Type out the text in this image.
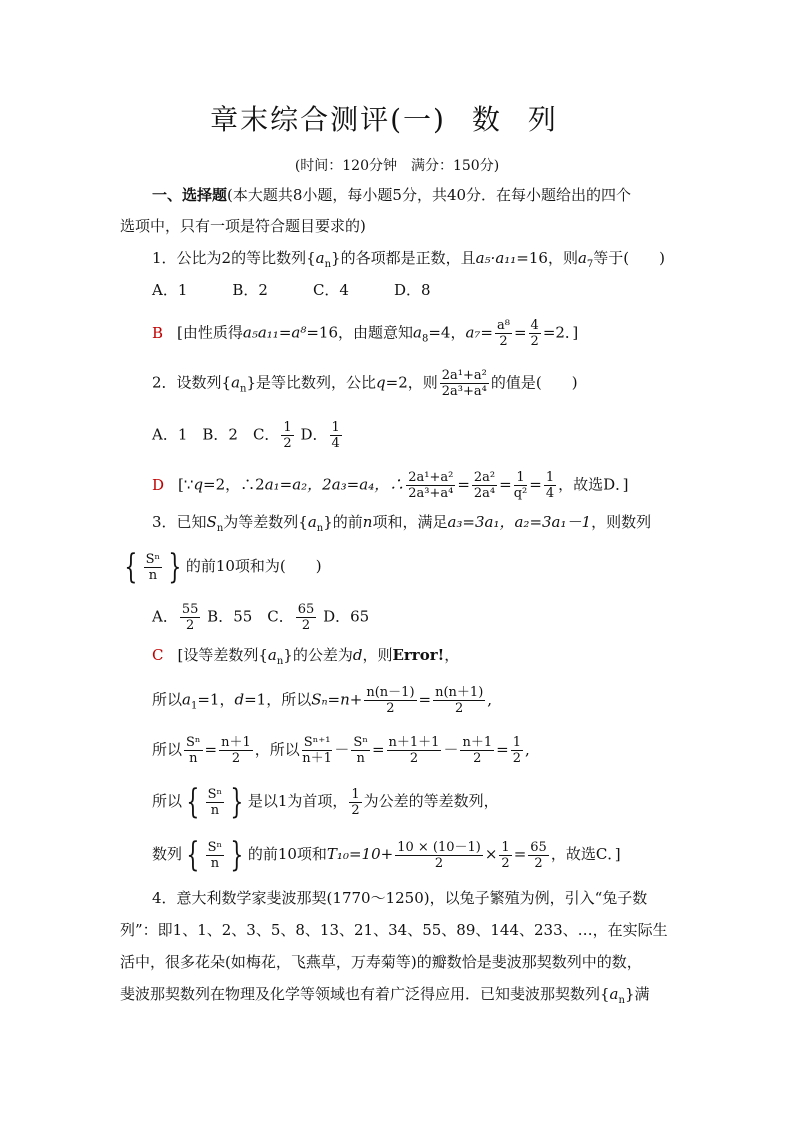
章末综合测评(一) 数列
(时间：120分钟　满分：150分)
一、选择题(本大题共8小题，每小题5分，共40分．在每小题给出的四个
选项中，只有一项是符合题目要求的)
1．公比为2的等比数列$\{a_n\}$的各项都是正数，且a₅·a₁₁=16，则$a_7$等于(　　)
A．1　　　B．2　　　C．4　　　D．8
B [由性质得a₅a₁₁=a⁸=16，由题意知$a_8=4$，$a_7= \frac{\text{a⁸}}{2} = \frac{4}{2} =2$．]
2．设数列$\{a_n\}$是等比数列，公比q=2，则 $\frac{\text{2a¹+a²}}{\text{2a³+a⁴}}$ 的值是(　　)
A．1　B．2　C． $\frac{1}{2}$ D． $\frac{1}{4}$
D [∵q=2，∴2a₁=a₂，2a₃=a₄，∴ $\frac{\text{2a¹+a²}}{\text{2a³+a⁴}} = \frac{\text{2a²}}{\text{2a⁴}} = \frac{1}{\text{q²}} = \frac{1}{4}$ ，故选D．]
3．已知$S_n$为等差数列$\{a_n\}$的前n项和，满足a₃=3a₁，a₂=3a₁－1，则数列
{ $\frac{\text{Sⁿ}}{n}$ } 的前10项和为(　　)
A． $\frac{55}{2}$ B．55　C． $\frac{65}{2}$ D．65
C [设等差数列$\{a_n\}$的公差为d，则Error!，
所以$a_1=1$，d=1，所以$S_n=n+ \frac{n(n-1)}{2} = \frac{n(n+1)}{2}$ ,
所以 $\frac{\text{Sⁿ}}{n} = \frac{n+1}{2}$ ，所以 $\frac{\text{Sⁿ⁺¹}}{n+1} - \frac{\text{Sⁿ}}{n} = \frac{n+1+1}{2} - \frac{n+1}{2} = \frac{1}{2}$ ,
所以 { $\frac{\text{Sⁿ}}{n}$ } 是以1为首项， $\frac{1}{2}$ 为公差的等差数列，
数列 { $\frac{\text{Sⁿ}}{n}$ } 的前10项和$T_{10}=10+ \frac{10 \times (10-1)}{2} \times \frac{1}{2} = \frac{65}{2}$ ，故选C．]
4．意大利数学家斐波那契(1770～1250)，以兔子繁殖为例，引入“兔子数
列”：即1、1、2、3、5、8、13、21、34、55、89、144、233、…，在实际生
活中，很多花朵(如梅花，飞燕草，万寿菊等)的瓣数恰是斐波那契数列中的数，
斐波那契数列在物理及化学等领域也有着广泛得应用．已知斐波那契数列$\{a_n\}$满
